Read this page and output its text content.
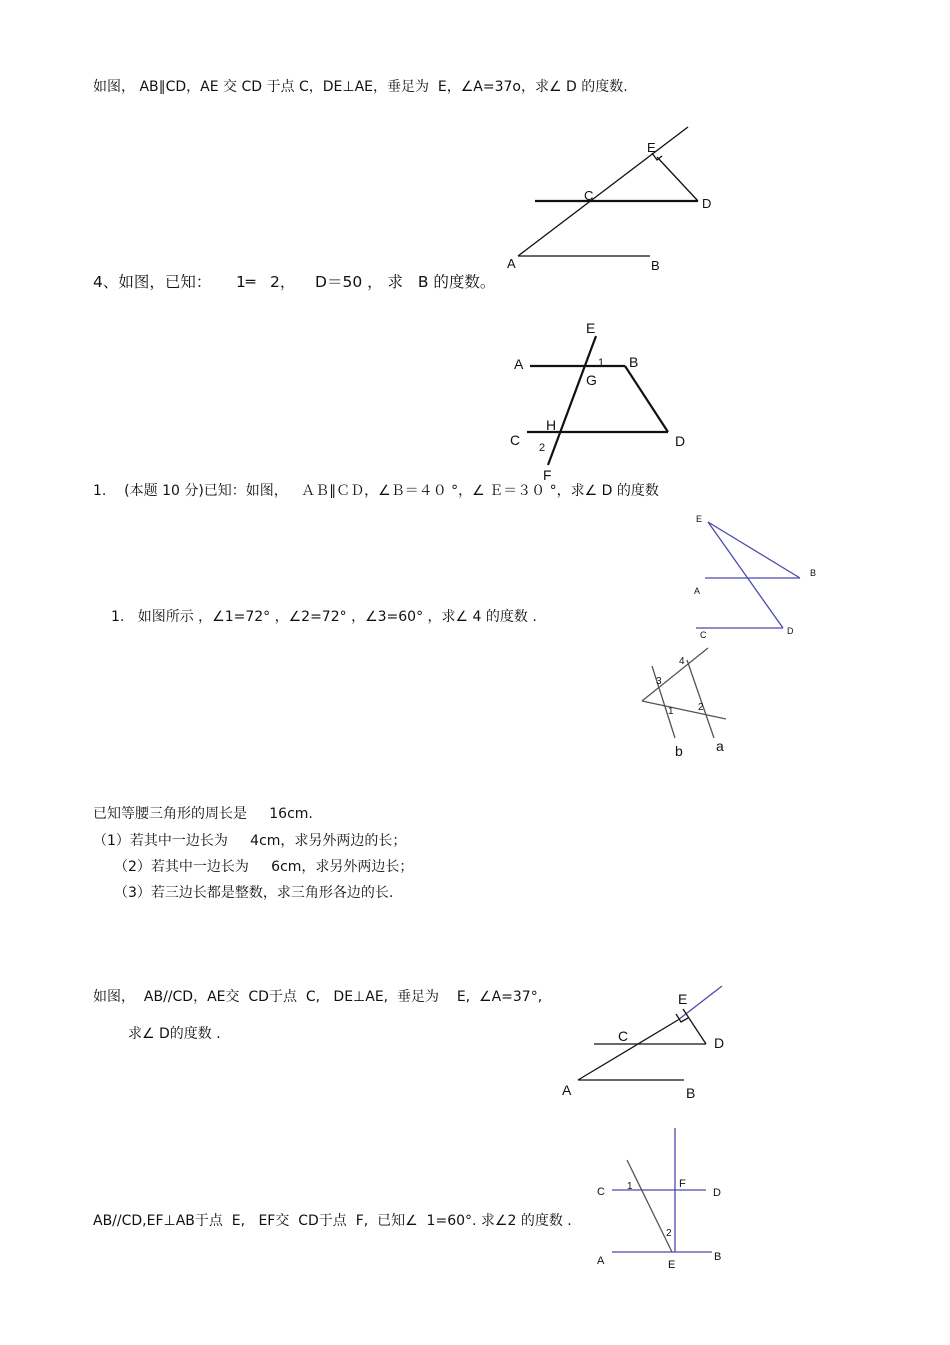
如图， AB∥CD，AE 交 CD 于点 C，DE⊥AE，垂足为  E，∠A=37o，求∠ D 的度数.
E
C
D
A	B
4、如图，已知：     1═   2，    D＝50 ， 求   B 的度数。
E
A	1 B
G
H
C 2	D
F
1.    (本题 10 分)已知：如图，   ＡＢ∥ＣＤ，∠Ｂ＝４０ °，∠ Ｅ＝３０ °，求∠ D 的度数
E
B
A
C	D
1.   如图所示 ，∠1=72° ，∠2=72° ，∠3=60° ，求∠ 4 的度数 .
4
3
1 2
b a
已知等腰三角形的周长是     16cm.
（1）若其中一边长为     4cm，求另外两边的长；
（2）若其中一边长为     6cm，求另外两边长；
（3）若三边长都是整数，求三角形各边的长.
如图，  AB//CD，AE交  CD于点  C,   DE⊥AE,  垂足为    E,  ∠A=37°,
求∠ D的度数 .
E
C	D
A	B
AB//CD,EF⊥AB于点  E,   EF交  CD于点  F,  已知∠  1=60°. 求∠2 的度数 .
C 1	F
D
2
A	E
B
